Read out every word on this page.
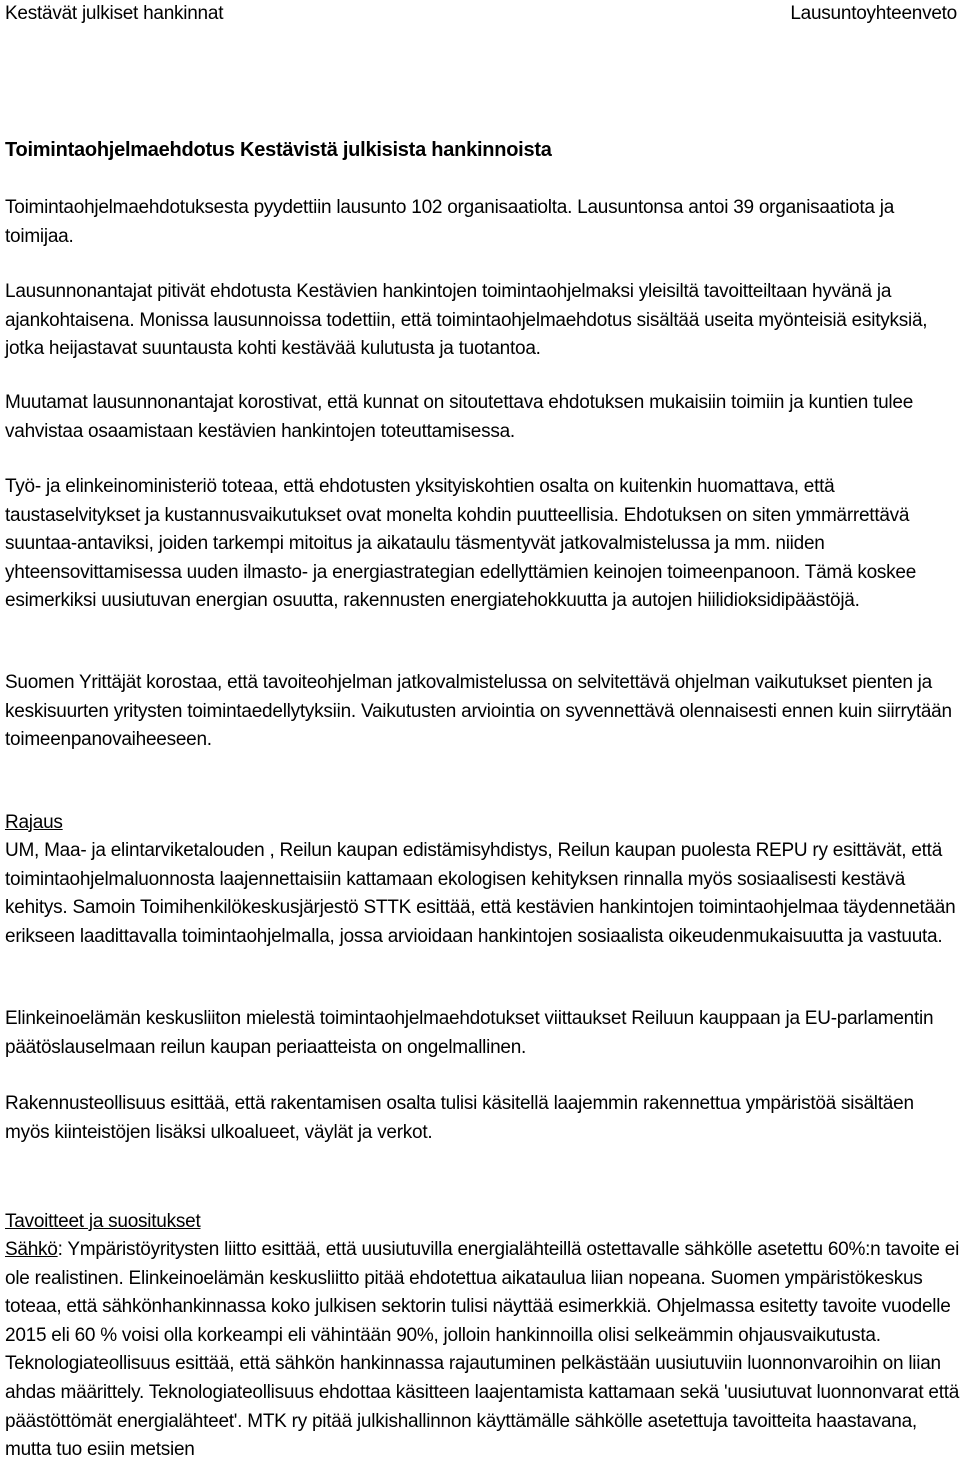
Kestävät julkiset hankinnat	Lausuntoyhteenveto
Toimintaohjelmaehdotus Kestävistä julkisista hankinnoista

Toimintaohjelmaehdotuksesta pyydettiin lausunto 102 organisaatiolta. Lausuntonsa antoi 39 organisaatiota ja toimijaa.

Lausunnonantajat pitivät ehdotusta Kestävien hankintojen toimintaohjelmaksi yleisiltä tavoitteiltaan hyvänä ja ajankohtaisena. Monissa lausunnoissa todettiin, että toimintaohjelmaehdotus sisältää useita myönteisiä esityksiä, jotka heijastavat suuntausta kohti kestävää kulutusta ja tuotantoa.

Muutamat lausunnonantajat korostivat, että kunnat on sitoutettava ehdotuksen mukaisiin toimiin ja kuntien tulee vahvistaa osaamistaan kestävien hankintojen toteuttamisessa.

Työ- ja elinkeinoministeriö toteaa, että ehdotusten yksityiskohtien osalta on kuitenkin huomattava, että taustaselvitykset ja kustannusvaikutukset ovat monelta kohdin puutteellisia. Ehdotuksen on siten ymmärrettävä suuntaa-antaviksi, joiden tarkempi mitoitus ja aikataulu täsmentyvät jatkovalmistelussa ja mm. niiden yhteensovittamisessa uuden ilmasto- ja energiastrategian edellyttämien keinojen toimeenpanoon. Tämä koskee esimerkiksi uusiutuvan energian osuutta, rakennusten energiatehokkuutta ja autojen hiilidioksidipäästöjä.

Suomen Yrittäjät korostaa, että tavoiteohjelman jatkovalmistelussa on selvitettävä ohjelman vaikutukset pienten ja keskisuurten yritysten toimintaedellytyksiin. Vaikutusten arviointia on syvennettävä olennaisesti ennen kuin siirrytään toimeenpanovaiheeseen.

Rajaus

UM, Maa- ja elintarviketalouden , Reilun kaupan edistämisyhdistys, Reilun kaupan puolesta REPU ry esittävät, että toimintaohjelmaluonnosta laajennettaisiin kattamaan ekologisen kehityksen rinnalla myös sosiaalisesti kestävä kehitys. Samoin Toimihenkilökeskusjärjestö STTK esittää, että kestävien hankintojen toimintaohjelmaa täydennetään erikseen laadittavalla toimintaohjelmalla, jossa arvioidaan hankintojen sosiaalista oikeudenmukaisuutta ja vastuuta.

Elinkeinoelämän keskusliiton mielestä toimintaohjelmaehdotukset viittaukset Reiluun kauppaan ja EU-parlamentin päätöslauselmaan reilun kaupan periaatteista on ongelmallinen.

Rakennusteollisuus esittää, että rakentamisen osalta tulisi käsitellä laajemmin rakennettua ympäristöä sisältäen myös kiinteistöjen lisäksi ulkoalueet, väylät ja verkot.

Tavoitteet ja suositukset

Sähkö: Ympäristöyritysten liitto esittää, että uusiutuvilla energialähteillä ostettavalle sähkölle asetettu 60%:n tavoite ei ole realistinen. Elinkeinoelämän keskusliitto pitää ehdotettua aikataulua liian nopeana. Suomen ympäristökeskus toteaa, että sähkönhankinnassa koko julkisen sektorin tulisi näyttää esimerkkiä. Ohjelmassa esitetty tavoite vuodelle 2015 eli 60 % voisi olla korkeampi eli vähintään 90%, jolloin hankinnoilla olisi selkeämmin ohjausvaikutusta. Teknologiateollisuus esittää, että sähkön hankinnassa rajautuminen pelkästään uusiutuviin luonnonvaroihin on liian ahdas määrittely. Teknologiateollisuus ehdottaa käsitteen laajentamista kattamaan sekä 'uusiutuvat luonnonvarat että päästöttömät energialähteet'. MTK ry pitää julkishallinnon käyttämälle sähkölle asetettuja tavoitteita haastavana, mutta tuo esiin metsien
